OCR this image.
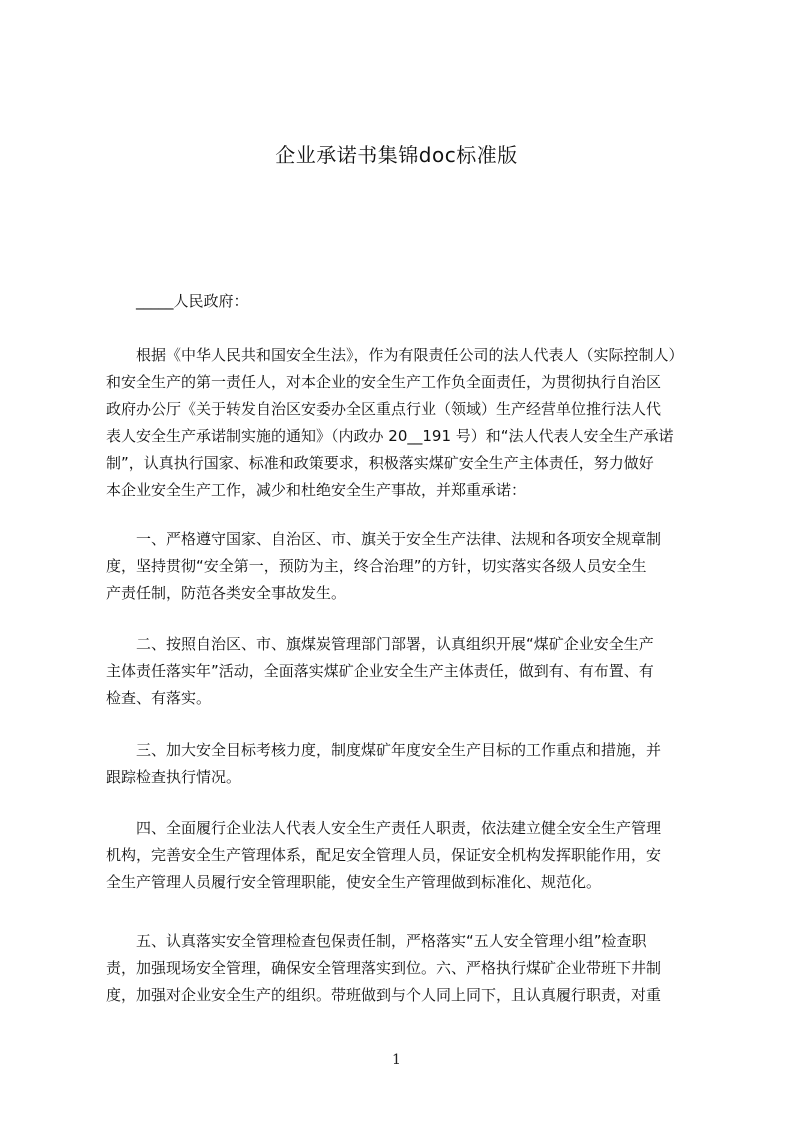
企业承诺书集锦doc标准版
_____人民政府：
根据《中华人民共和国安全生法》，作为有限责任公司的法人代表人（实际控制人）
和安全生产的第一责任人，对本企业的安全生产工作负全面责任，为贯彻执行自治区
政府办公厅《关于转发自治区安委办全区重点行业（领域）生产经营单位推行法人代
表人安全生产承诺制实施的通知》（内政办 20__191 号）和“法人代表人安全生产承诺
制”，认真执行国家、标准和政策要求，积极落实煤矿安全生产主体责任，努力做好
本企业安全生产工作，减少和杜绝安全生产事故，并郑重承诺：
一、严格遵守国家、自治区、市、旗关于安全生产法律、法规和各项安全规章制
度，坚持贯彻“安全第一，预防为主，终合治理”的方针，切实落实各级人员安全生
产责任制，防范各类安全事故发生。
二、按照自治区、市、旗煤炭管理部门部署，认真组织开展“煤矿企业安全生产
主体责任落实年”活动，全面落实煤矿企业安全生产主体责任，做到有、有布置、有
检查、有落实。
三、加大安全目标考核力度，制度煤矿年度安全生产目标的工作重点和措施，并
跟踪检查执行情况。
四、全面履行企业法人代表人安全生产责任人职责，依法建立健全安全生产管理
机构，完善安全生产管理体系，配足安全管理人员，保证安全机构发挥职能作用，安
全生产管理人员履行安全管理职能，使安全生产管理做到标准化、规范化。
五、认真落实安全管理检查包保责任制，严格落实“五人安全管理小组”检查职
责，加强现场安全管理，确保安全管理落实到位。六、严格执行煤矿企业带班下井制
度，加强对企业安全生产的组织。带班做到与个人同上同下，且认真履行职责，对重
1
